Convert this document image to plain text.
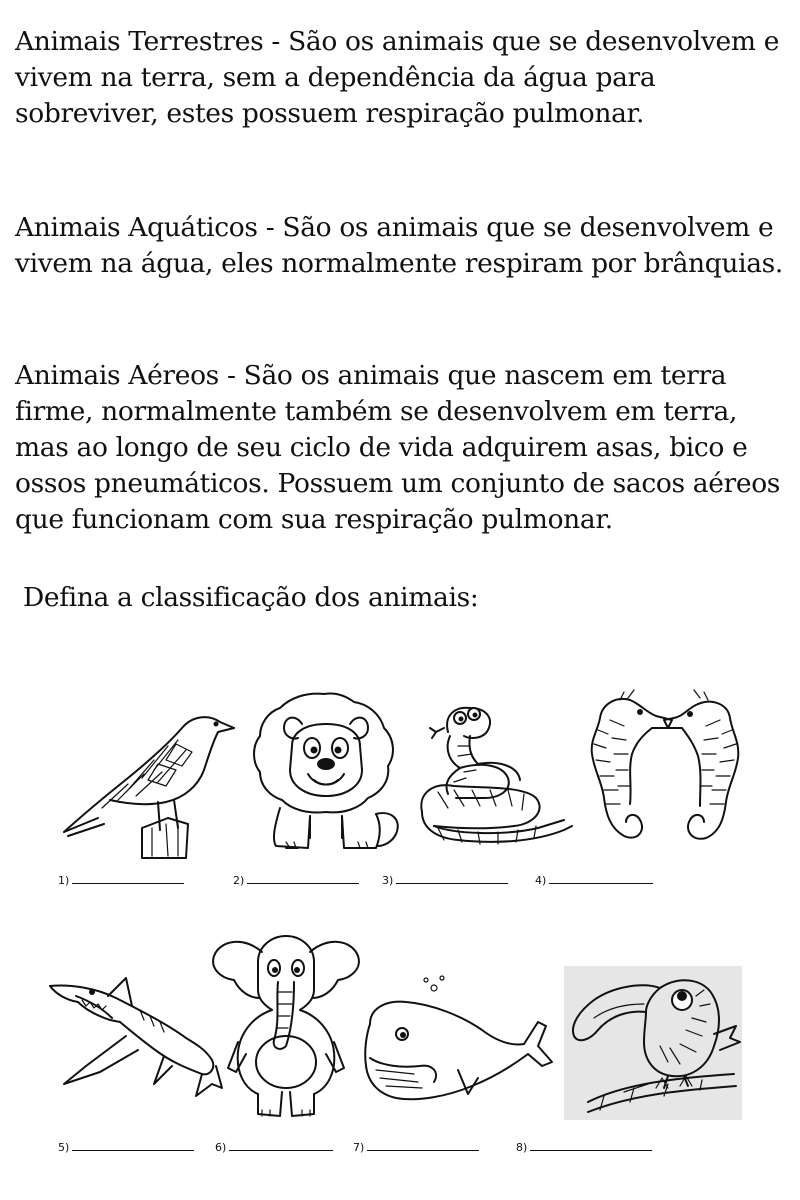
Animais Terrestres - São os animais que se desenvolvem e vivem na terra, sem a dependência da água para sobreviver, estes possuem respiração pulmonar.

Animais Aquáticos - São os animais que se desenvolvem e vivem na água, eles normalmente respiram por brânquias.

Animais Aéreos - São os animais que nascem em terra firme, normalmente também se desenvolvem em terra, mas ao longo de seu ciclo de vida adquirem asas, bico e ossos pneumáticos. Possuem um conjunto de sacos aéreos que funcionam com sua respiração pulmonar.

Defina a classificação dos animais:

1)	2)	3)	4)
5)	6)	7)	8)
